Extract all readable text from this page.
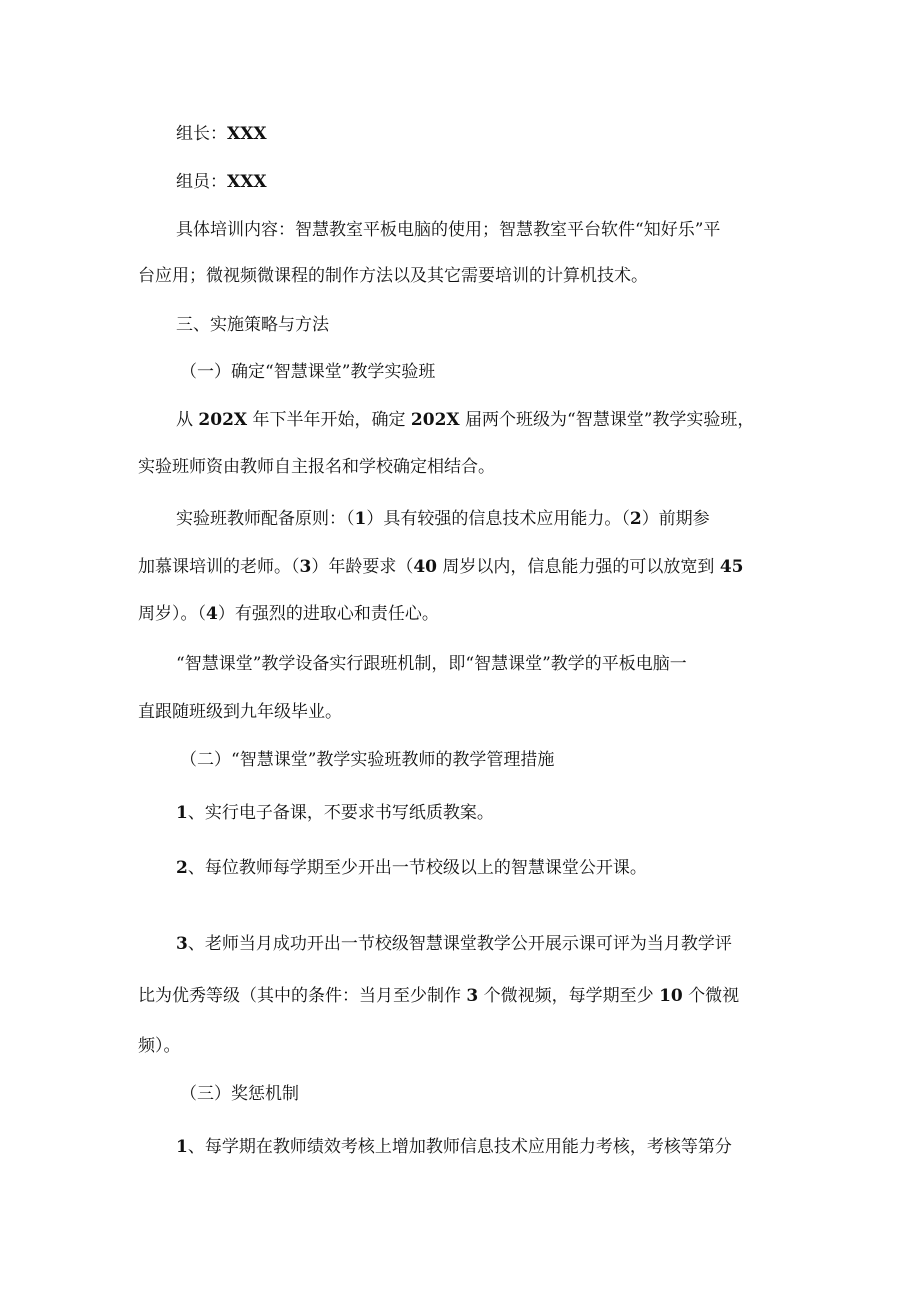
组长：XXX

组员：XXX

具体培训内容：智慧教室平板电脑的使用；智慧教室平台软件“知好乐”平

台应用；微视频微课程的制作方法以及其它需要培训的计算机技术。

三、实施策略与方法

（一）确定“智慧课堂”教学实验班

从 202X 年下半年开始，确定 202X 届两个班级为“智慧课堂”教学实验班，

实验班师资由教师自主报名和学校确定相结合。

实验班教师配备原则：（1）具有较强的信息技术应用能力。（2）前期参

加慕课培训的老师。（3）年龄要求（40 周岁以内，信息能力强的可以放宽到 45

周岁）。（4）有强烈的进取心和责任心。

“智慧课堂”教学设备实行跟班机制，即“智慧课堂”教学的平板电脑一

直跟随班级到九年级毕业。

（二）“智慧课堂”教学实验班教师的教学管理措施

1、实行电子备课，不要求书写纸质教案。

2、每位教师每学期至少开出一节校级以上的智慧课堂公开课。

3、老师当月成功开出一节校级智慧课堂教学公开展示课可评为当月教学评

比为优秀等级（其中的条件：当月至少制作 3 个微视频，每学期至少 10 个微视

频）。

（三）奖惩机制

1、每学期在教师绩效考核上增加教师信息技术应用能力考核，考核等第分
